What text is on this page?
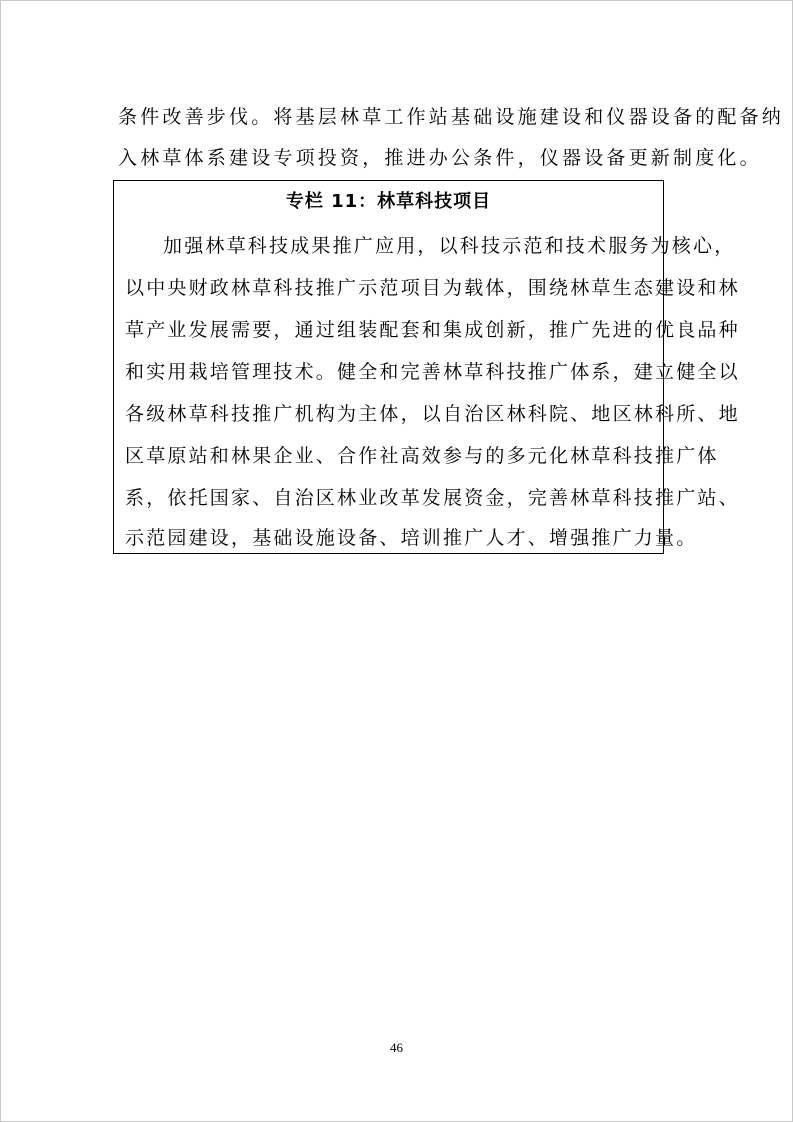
条件改善步伐。将基层林草工作站基础设施建设和仪器设备的配备纳
入林草体系建设专项投资，推进办公条件，仪器设备更新制度化。
专栏 11：林草科技项目
加强林草科技成果推广应用，以科技示范和技术服务为核心，
以中央财政林草科技推广示范项目为载体，围绕林草生态建设和林
草产业发展需要，通过组装配套和集成创新，推广先进的优良品种
和实用栽培管理技术。健全和完善林草科技推广体系，建立健全以
各级林草科技推广机构为主体，以自治区林科院、地区林科所、地
区草原站和林果企业、合作社高效参与的多元化林草科技推广体
系，依托国家、自治区林业改革发展资金，完善林草科技推广站、
示范园建设，基础设施设备、培训推广人才、增强推广力量。
46
